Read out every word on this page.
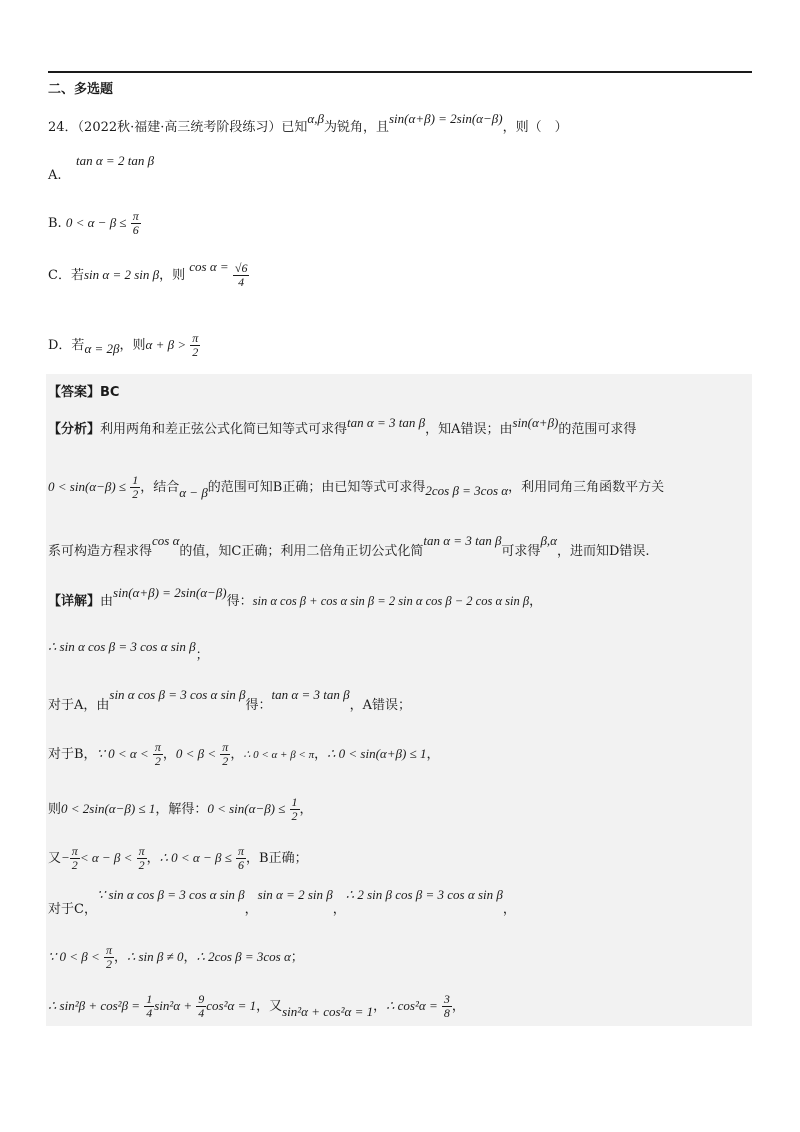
二、多选题
24．（2022秋·福建·高三统考阶段练习）已知α,β为锐角，且sin(α+β) = 2sin(α−β)，则（　）
tan α = 2 tan β
A.
B. $0 < \alpha - \beta \le \frac{\pi}{6}$
C．若sin α = 2 sin β，则 $\cos \alpha = \frac{√6}{4}$
D．若α = 2β，则$\alpha + \beta > \frac{\pi}{2}$
【答案】BC
【分析】利用两角和差正弦公式化简已知等式可求得tan α = 3 tan β，知A错误；由sin(α+β)的范围可求得
$0 < \sin(\alpha-\beta) \le \frac{1}{2}$ ，结合α − β的范围可知B正确；由已知等式可求得2cos β = 3cos α，利用同角三角函数平方关
系可构造方程求得cos α的值，知C正确；利用二倍角正切公式化简tan α = 3 tan β可求得β,α，进而知D错误.
【详解】由sin(α+β) = 2sin(α−β)得：sin α cos β + cos α sin β = 2 sin α cos β − 2 cos α sin β，
∴ sin α cos β = 3 cos α sin β；
对于A，由sin α cos β = 3 cos α sin β得：tan α = 3 tan β，A错误；
对于B，∵ $0 < \alpha < \frac{\pi}{2}$ ，$0 < \beta < \frac{\pi}{2}$ ，∴ 0 < α + β < π，∴ 0 < sin(α+β) ≤ 1，
则0 < 2sin(α−β) ≤ 1，解得：$0 < \sin(\alpha-\beta) \le \frac{1}{2}$ ，
又− $\frac{\pi}{2} < \alpha - \beta < \frac{\pi}{2}$ ，∴ $0 < \alpha - \beta \le \frac{\pi}{6}$ ，B正确；
对于C，∵ sin α cos β = 3 cos α sin β，sin α = 2 sin β，∴ 2 sin β cos β = 3 cos α sin β，
∵ $0 < \beta < \frac{\pi}{2}$ ，∴ sin β ≠ 0，∴ 2cos β = 3cos α；
∴ $\sin^2\beta + \cos^2\beta = \frac{1}{4} \sin^2\alpha + \frac{9}{4} \cos^2\alpha = 1$，又sin²α + cos²α = 1，∴ $\cos^2\alpha = \frac{3}{8}$ ，
